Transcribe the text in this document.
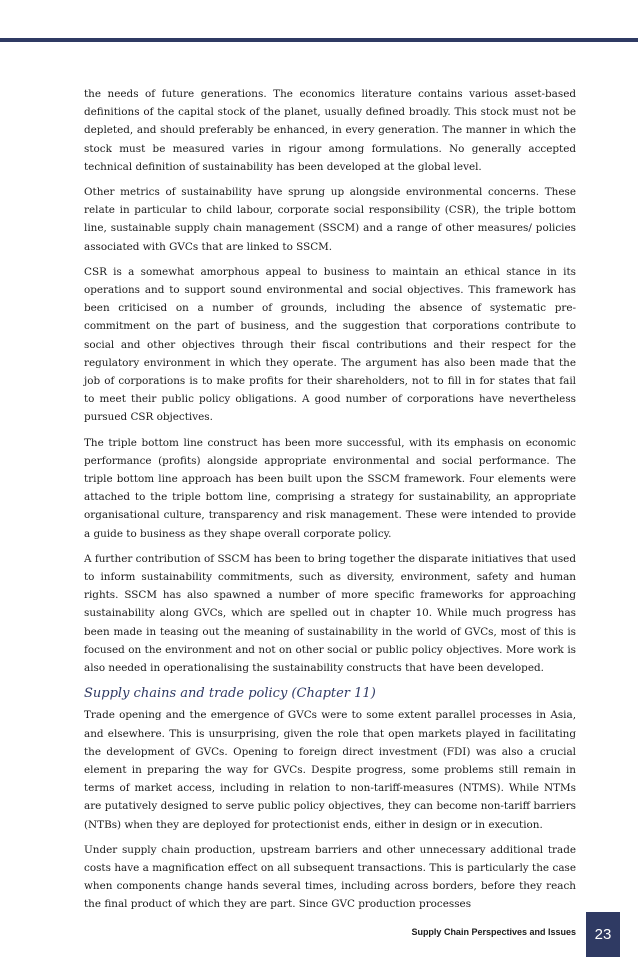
the needs of future generations. The economics literature contains various asset-based definitions of the capital stock of the planet, usually defined broadly. This stock must not be depleted, and should preferably be enhanced, in every generation. The manner in which the stock must be measured varies in rigour among formulations. No generally accepted technical definition of sustainability has been developed at the global level.

Other metrics of sustainability have sprung up alongside environmental concerns. These relate in particular to child labour, corporate social responsibility (CSR), the triple bottom line, sustainable supply chain management (SSCM) and a range of other measures/ policies associated with GVCs that are linked to SSCM.

CSR is a somewhat amorphous appeal to business to maintain an ethical stance in its operations and to support sound environmental and social objectives. This framework has been criticised on a number of grounds, including the absence of systematic pre-commitment on the part of business, and the suggestion that corporations contribute to social and other objectives through their fiscal contributions and their respect for the regulatory environment in which they operate. The argument has also been made that the job of corporations is to make profits for their shareholders, not to fill in for states that fail to meet their public policy obligations. A good number of corporations have nevertheless pursued CSR objectives.

The triple bottom line construct has been more successful, with its emphasis on economic performance (profits) alongside appropriate environmental and social performance. The triple bottom line approach has been built upon the SSCM framework. Four elements were attached to the triple bottom line, comprising a strategy for sustainability, an appropriate organisational culture, transparency and risk management. These were intended to provide a guide to business as they shape overall corporate policy.

A further contribution of SSCM has been to bring together the disparate initiatives that used to inform sustainability commitments, such as diversity, environment, safety and human rights. SSCM has also spawned a number of more specific frameworks for approaching sustainability along GVCs, which are spelled out in chapter 10. While much progress has been made in teasing out the meaning of sustainability in the world of GVCs, most of this is focused on the environment and not on other social or public policy objectives. More work is also needed in operationalising the sustainability constructs that have been developed.

Supply chains and trade policy (Chapter 11)

Trade opening and the emergence of GVCs were to some extent parallel processes in Asia, and elsewhere. This is unsurprising, given the role that open markets played in facilitating the development of GVCs. Opening to foreign direct investment (FDI) was also a crucial element in preparing the way for GVCs. Despite progress, some problems still remain in terms of market access, including in relation to non-tariff-measures (NTMS). While NTMs are putatively designed to serve public policy objectives, they can become non-tariff barriers (NTBs) when they are deployed for protectionist ends, either in design or in execution.

Under supply chain production, upstream barriers and other unnecessary additional trade costs have a magnification effect on all subsequent transactions. This is particularly the case when components change hands several times, including across borders, before they reach the final product of which they are part. Since GVC production processes

Supply Chain Perspectives and Issues	23
